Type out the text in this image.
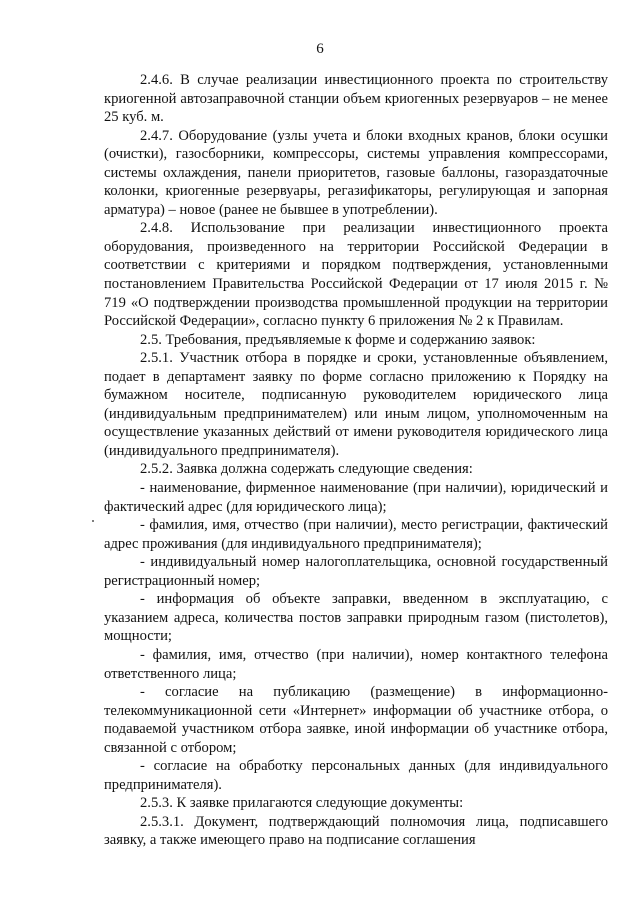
6

2.4.6. В случае реализации инвестиционного проекта по строительству криогенной автозаправочной станции объем криогенных резервуаров – не менее 25 куб. м.

2.4.7. Оборудование (узлы учета и блоки входных кранов, блоки осушки (очистки), газосборники, компрессоры, системы управления компрессорами, системы охлаждения, панели приоритетов, газовые баллоны, газораздаточные колонки, криогенные резервуары, регазификаторы, регулирующая и запорная арматура) – новое (ранее не бывшее в употреблении).

2.4.8. Использование при реализации инвестиционного проекта оборудования, произведенного на территории Российской Федерации в соответствии с критериями и порядком подтверждения, установленными постановлением Правительства Российской Федерации от 17 июля 2015 г. № 719 «О подтверждении производства промышленной продукции на территории Российской Федерации», согласно пункту 6 приложения № 2 к Правилам.

2.5. Требования, предъявляемые к форме и содержанию заявок:

2.5.1. Участник отбора в порядке и сроки, установленные объявлением, подает в департамент заявку по форме согласно приложению к Порядку на бумажном носителе, подписанную руководителем юридического лица (индивидуальным предпринимателем) или иным лицом, уполномоченным на осуществление указанных действий от имени руководителя юридического лица (индивидуального предпринимателя).

2.5.2. Заявка должна содержать следующие сведения:

- наименование, фирменное наименование (при наличии), юридический и фактический адрес (для юридического лица);

- фамилия, имя, отчество (при наличии), место регистрации, фактический адрес проживания (для индивидуального предпринимателя);

- индивидуальный номер налогоплательщика, основной государственный регистрационный номер;

- информация об объекте заправки, введенном в эксплуатацию, с указанием адреса, количества постов заправки природным газом (пистолетов), мощности;

- фамилия, имя, отчество (при наличии), номер контактного телефона ответственного лица;

- согласие на публикацию (размещение) в информационно-телекоммуникационной сети «Интернет» информации об участнике отбора, о подаваемой участником отбора заявке, иной информации об участнике отбора, связанной с отбором;

- согласие на обработку персональных данных (для индивидуального предпринимателя).

2.5.3. К заявке прилагаются следующие документы:

2.5.3.1. Документ, подтверждающий полномочия лица, подписавшего заявку, а также имеющего право на подписание соглашения
